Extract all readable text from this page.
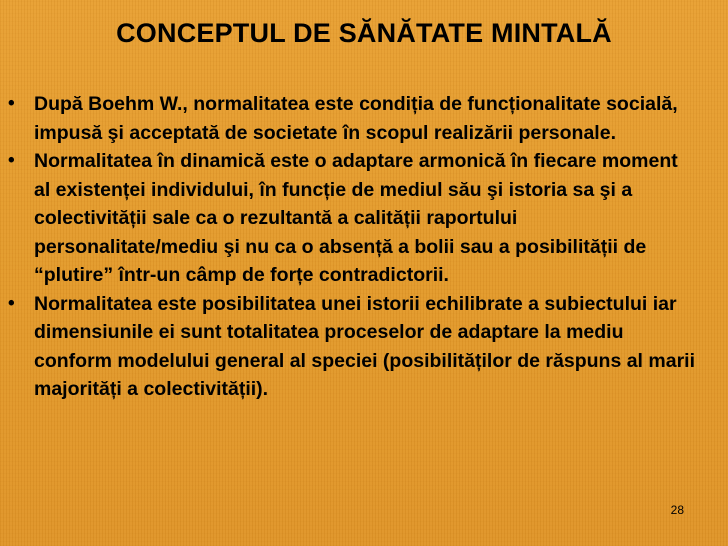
CONCEPTUL DE SĂNĂTATE MINTALĂ
• După Boehm W., normalitatea este condiția de funcționalitate socială, impusă şi acceptată de societate în scopul realizării personale.
• Normalitatea în dinamică este o adaptare armonică în fiecare moment al existenței individului, în funcție de mediul său şi istoria sa şi a colectivității sale ca o rezultantă a calității raportului personalitate/mediu şi nu ca o absență a bolii sau a posibilității de “plutire” într-un câmp de forțe contradictorii.
• Normalitatea este posibilitatea unei istorii echilibrate a subiectului iar dimensiunile ei sunt totalitatea proceselor de adaptare la mediu conform modelului general al speciei (posibilităților de răspuns al marii majorități a colectivității).
28
